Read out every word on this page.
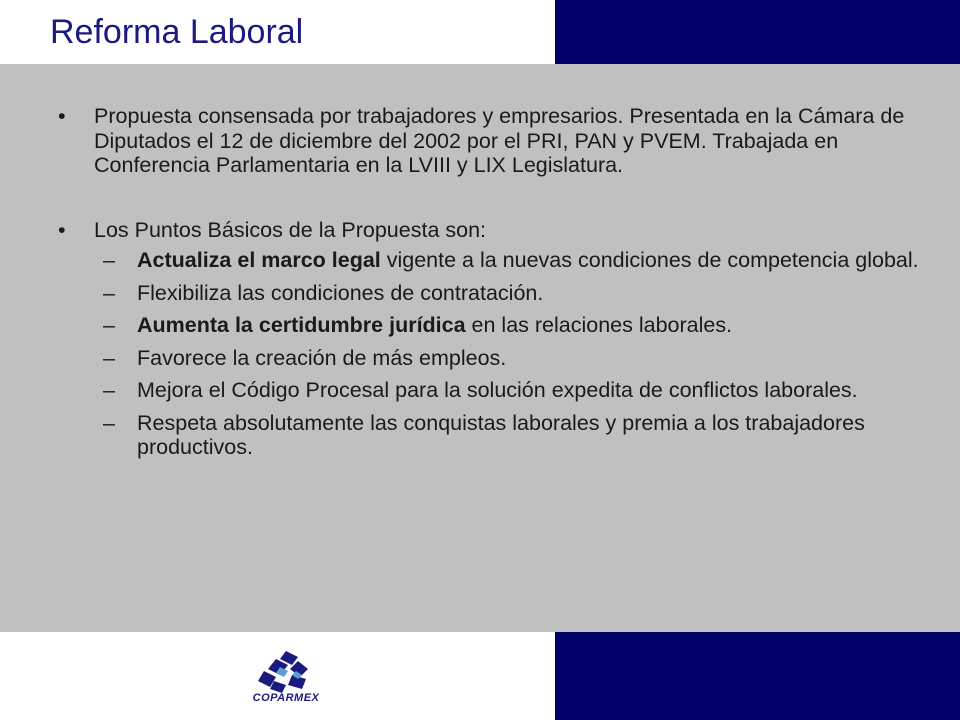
Reforma Laboral
• Propuesta consensada por trabajadores y empresarios. Presentada en la Cámara de Diputados el 12 de diciembre del 2002 por el PRI, PAN y PVEM. Trabajada en Conferencia Parlamentaria en la LVIII y LIX Legislatura.
• Los Puntos Básicos de la Propuesta son:
– Actualiza el marco legal vigente a la nuevas condiciones de competencia global.
– Flexibiliza las condiciones de contratación.
– Aumenta la certidumbre jurídica en las relaciones laborales.
– Favorece la creación de más empleos.
– Mejora el Código Procesal para la solución expedita de conflictos laborales.
– Respeta absolutamente las conquistas laborales y premia a los trabajadores productivos.
COPARMEX
